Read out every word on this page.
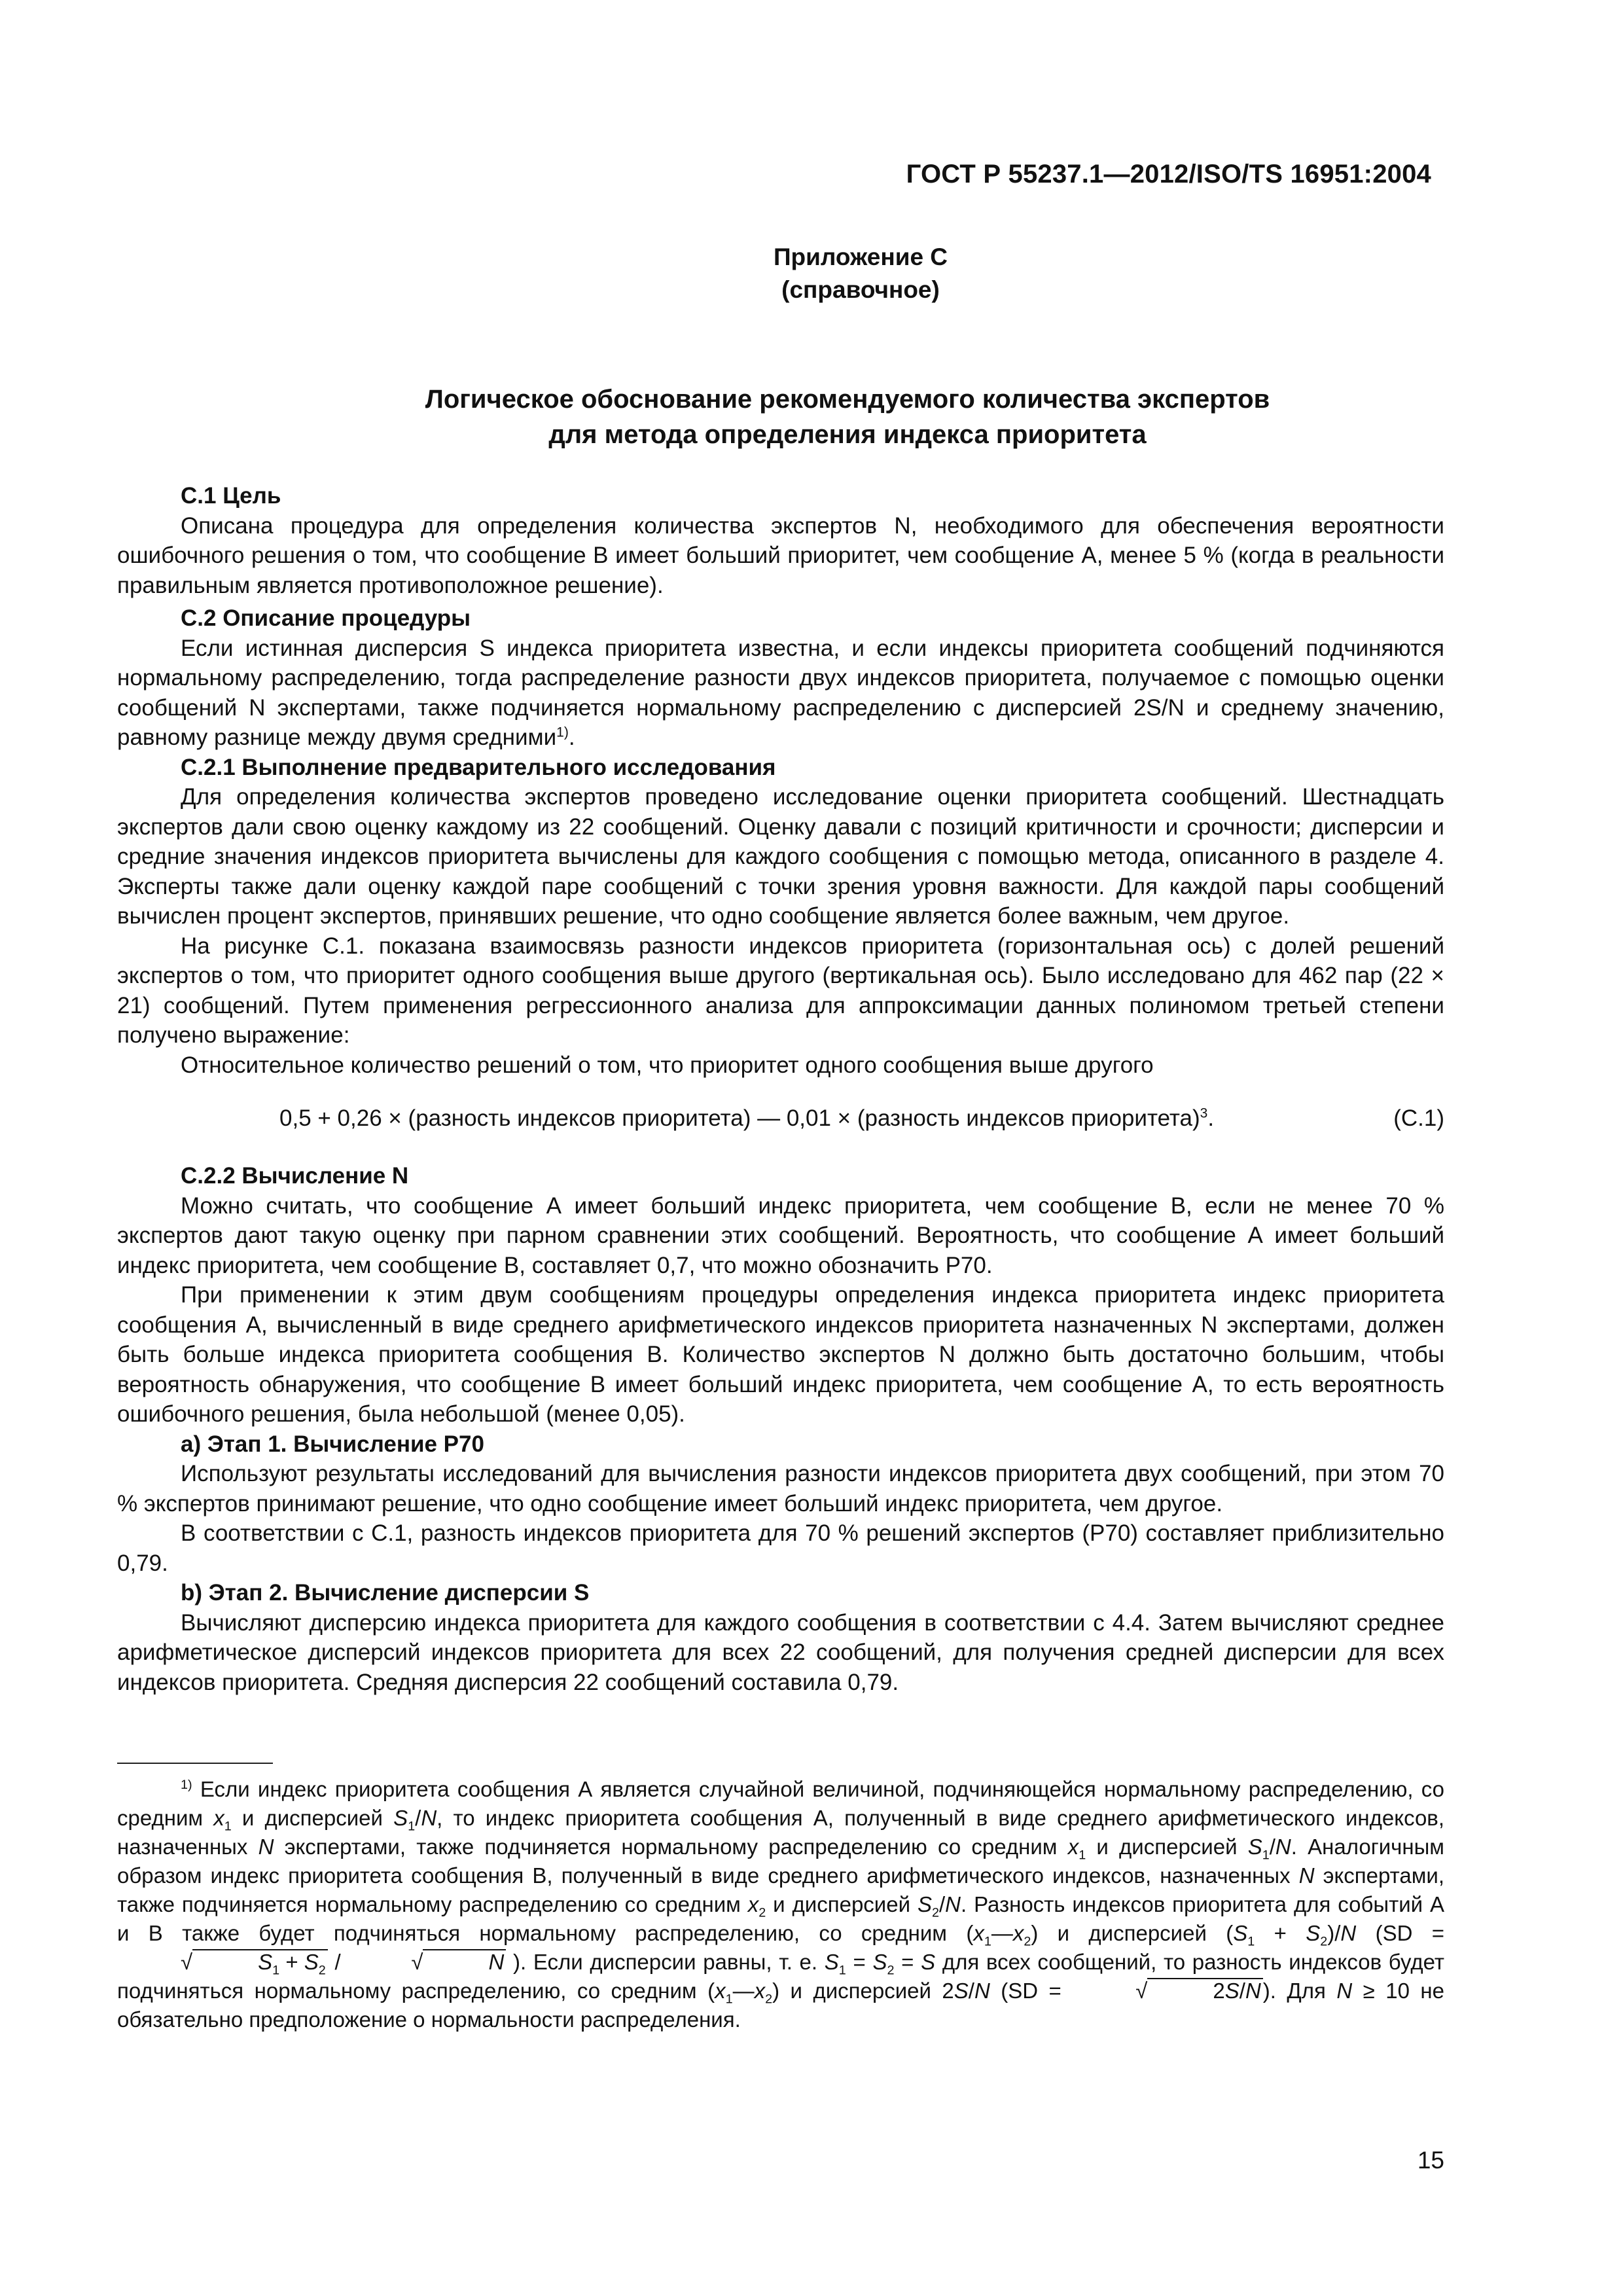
ГОСТ Р 55237.1—2012/ISO/TS 16951:2004
Приложение С
(справочное)
Логическое обоснование рекомендуемого количества экспертов
для метода определения индекса приоритета
С.1 Цель

Описана процедура для определения количества экспертов N, необходимого для обеспечения вероятности ошибочного решения о том, что сообщение В имеет больший приоритет, чем сообщение А, менее 5 % (когда в реальности правильным является противоположное решение).

С.2 Описание процедуры

Если истинная дисперсия S индекса приоритета известна, и если индексы приоритета сообщений подчиняются нормальному распределению, тогда распределение разности двух индексов приоритета, получаемое с помощью оценки сообщений N экспертами, также подчиняется нормальному распределению с дисперсией 2S/N и среднему значению, равному разнице между двумя средними$^{1)}$.

С.2.1 Выполнение предварительного исследования

Для определения количества экспертов проведено исследование оценки приоритета сообщений. Шестнадцать экспертов дали свою оценку каждому из 22 сообщений. Оценку давали с позиций критичности и срочности; дисперсии и средние значения индексов приоритета вычислены для каждого сообщения с помощью метода, описанного в разделе 4. Эксперты также дали оценку каждой паре сообщений с точки зрения уровня важности. Для каждой пары сообщений вычислен процент экспертов, принявших решение, что одно сообщение является более важным, чем другое.

На рисунке С.1. показана взаимосвязь разности индексов приоритета (горизонтальная ось) с долей решений экспертов о том, что приоритет одного сообщения выше другого (вертикальная ось). Было исследовано для 462 пар (22 × 21) сообщений. Путем применения регрессионного анализа для аппроксимации данных полиномом третьей степени получено выражение:

Относительное количество решений о том, что приоритет одного сообщения выше другого

0,5 + 0,26 × (разность индексов приоритета) — 0,01 × (разность индексов приоритета)$^3$.	(С.1)
С.2.2 Вычисление N

Можно считать, что сообщение А имеет больший индекс приоритета, чем сообщение В, если не менее 70 % экспертов дают такую оценку при парном сравнении этих сообщений. Вероятность, что сообщение А имеет больший индекс приоритета, чем сообщение В, составляет 0,7, что можно обозначить Р70.

При применении к этим двум сообщениям процедуры определения индекса приоритета индекс приоритета сообщения А, вычисленный в виде среднего арифметического индексов приоритета назначенных N экспертами, должен быть больше индекса приоритета сообщения В. Количество экспертов N должно быть достаточно большим, чтобы вероятность обнаружения, что сообщение В имеет больший индекс приоритета, чем сообщение А, то есть вероятность ошибочного решения, была небольшой (менее 0,05).

a) Этап 1. Вычисление Р70

Используют результаты исследований для вычисления разности индексов приоритета двух сообщений, при этом 70 % экспертов принимают решение, что одно сообщение имеет больший индекс приоритета, чем другое.

В соответствии с С.1, разность индексов приоритета для 70 % решений экспертов (Р70) составляет приблизительно 0,79.

b) Этап 2. Вычисление дисперсии S

Вычисляют дисперсию индекса приоритета для каждого сообщения в соответствии с 4.4. Затем вычисляют среднее арифметическое дисперсий индексов приоритета для всех 22 сообщений, для получения средней дисперсии для всех индексов приоритета. Средняя дисперсия 22 сообщений составила 0,79.

$^{1)}$ Если индекс приоритета сообщения А является случайной величиной, подчиняющейся нормальному распределению, со средним $x_1$ и дисперсией $S_1/N$, то индекс приоритета сообщения А, полученный в виде среднего арифметического индексов, назначенных N экспертами, также подчиняется нормальному распределению со средним $x_1$ и дисперсией $S_1/N$. Аналогичным образом индекс приоритета сообщения В, полученный в виде среднего арифметического индексов, назначенных N экспертами, также подчиняется нормальному распределению со средним $x_2$ и дисперсией $S_2/N$. Разность индексов приоритета для событий А и В также будет подчиняться нормальному распределению, со средним $(x_1—x_2)$ и дисперсией $(S_1 + S_2)/N$ (SD = √	$S_1 + S_2$ /	√	N ). Если дисперсии равны, т. е. $S_1 = S_2 = S$ для всех сообщений, то разность индексов будет подчиняться нормальному распределению, со средним $(x_1—x_2)$ и дисперсией 2S/N (SD =	√	2S/N). Для N ≥ 10 не обязательно предположение о нормальности распределения.

15
